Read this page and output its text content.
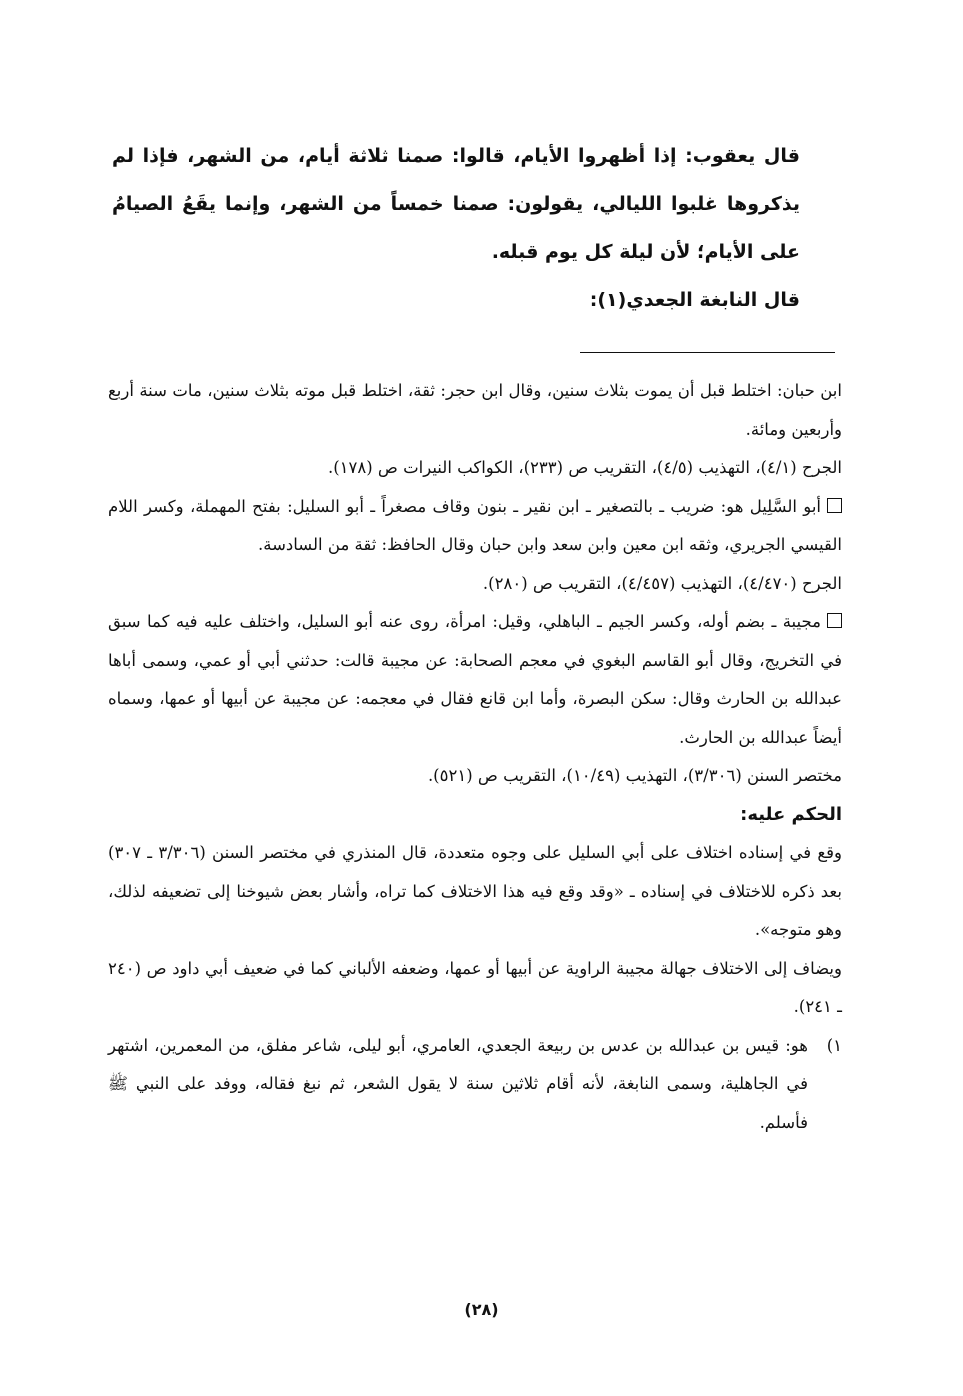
قال يعقوب: إذا أظهروا الأيام، قالوا: صمنا ثلاثة أيام، من الشهر، فإذا لم يذكروها غلبوا الليالي، يقولون: صمنا خمساً من الشهر، وإنما يقَعُ الصيامُ على الأيام؛ لأن ليلة كل يوم قبله.

قال النابغة الجعدي(١):

ابن حبان: اختلط قبل أن يموت بثلاث سنين، وقال ابن حجر: ثقة، اختلط قبل موته بثلاث سنين، مات سنة أربع وأربعين ومائة.

الجرح (٤/١)، التهذيب (٤/٥)، التقريب ص (٢٣٣)، الكواكب النيرات ص (١٧٨).

أبو السَّلِيل هو: ضريب ـ بالتصغير ـ ابن نقير ـ بنون وقاف مصغراً ـ أبو السليل: بفتح المهملة، وكسر اللام القيسي الجريري، وثقه ابن معين وابن سعد وابن حبان وقال الحافظ: ثقة من السادسة.

الجرح (٤/٤٧٠)، التهذيب (٤/٤٥٧)، التقريب ص (٢٨٠).

مجيبة ـ بضم أوله، وكسر الجيم ـ الباهلي، وقيل: امرأة، روى عنه أبو السليل، واختلف عليه فيه كما سبق في التخريج، وقال أبو القاسم البغوي في معجم الصحابة: عن مجيبة قالت: حدثني أبي أو عمي، وسمى أباها عبدالله بن الحارث وقال: سكن البصرة، وأما ابن قانع فقال في معجمه: عن مجيبة عن أبيها أو عمها، وسماه أيضاً عبدالله بن الحارث.

مختصر السنن (٣/٣٠٦)، التهذيب (١٠/٤٩)، التقريب ص (٥٢١).

الحكم عليه:

وقع في إسناده اختلاف على أبي السليل على وجوه متعددة، قال المنذري في مختصر السنن (٣/٣٠٦ ـ ٣٠٧) بعد ذكره للاختلاف في إسناده ـ «وقد وقع فيه هذا الاختلاف كما تراه، وأشار بعض شيوخنا إلى تضعيفه لذلك، وهو متوجه».

ويضاف إلى الاختلاف جهالة مجيبة الراوية عن أبيها أو عمها، وضعفه الألباني كما في ضعيف أبي داود ص (٢٤٠ ـ ٢٤١).

١)
هو: قيس بن عبدالله بن عدس بن ربيعة الجعدي، العامري، أبو ليلى، شاعر مفلق، من المعمرين، اشتهر في الجاهلية، وسمى النابغة، لأنه أقام ثلاثين سنة لا يقول الشعر، ثم نبغ فقاله، ووفد على النبي ﷺ فأسلم.

(٢٨)
